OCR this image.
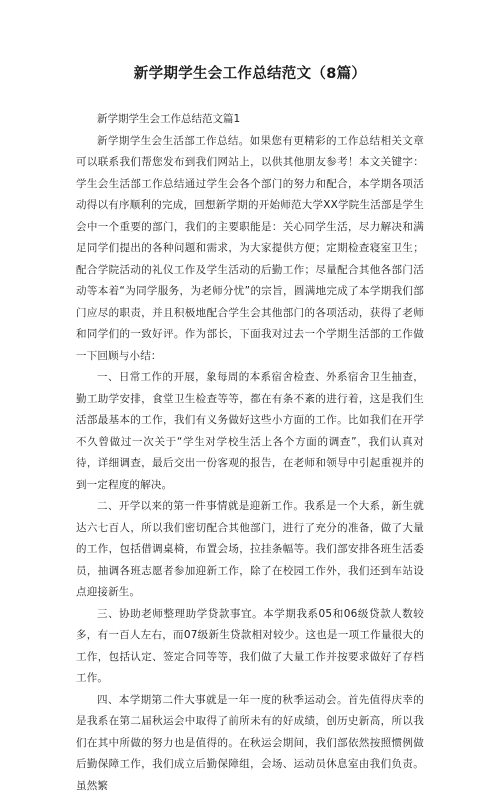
新学期学生会工作总结范文（8篇）
新学期学生会工作总结范文篇1

新学期学生会生活部工作总结。如果您有更精彩的工作总结相关文章可以联系我们帮您发布到我们网站上，以供其他朋友参考！本文关键字：学生会生活部工作总结通过学生会各个部门的努力和配合，本学期各项活动得以有序顺利的完成，回想新学期的开始师范大学XX学院生活部是学生会中一个重要的部门，我们的主要职能是：关心同学生活，尽力解决和满足同学们提出的各种问题和需求，为大家提供方便；定期检查寝室卫生；配合学院活动的礼仪工作及学生活动的后勤工作；尽量配合其他各部门活动等本着“为同学服务，为老师分忧”的宗旨，圆满地完成了本学期我们部门应尽的职责，并且积极地配合学生会其他部门的各项活动，获得了老师和同学们的一致好评。作为部长，下面我对过去一个学期生活部的工作做一下回顾与小结：

一、日常工作的开展，象每周的本系宿舍检查、外系宿舍卫生抽查，勤工助学安排，食堂卫生检查等等，都在有条不紊的进行着，这是我们生活部最基本的工作，我们有义务做好这些小方面的工作。比如我们在开学不久曾做过一次关于“学生对学校生活上各个方面的调查”，我们认真对待，详细调查，最后交出一份客观的报告，在老师和领导中引起重视并的到一定程度的解决。

二、开学以来的第一件事情就是迎新工作。我系是一个大系，新生就达六七百人，所以我们密切配合其他部门，进行了充分的准备，做了大量的工作，包括借调桌椅，布置会场，拉挂条幅等。我们部安排各班生活委员，抽调各班志愿者参加迎新工作，除了在校园工作外，我们还到车站设点迎接新生。

三、协助老师整理助学贷款事宜。本学期我系05和06级贷款人数较多，有一百人左右，而07级新生贷款相对较少。这也是一项工作量很大的工作，包括认定、签定合同等等，我们做了大量工作并按要求做好了存档工作。

四、本学期第二件大事就是一年一度的秋季运动会。首先值得庆幸的是我系在第二届秋运会中取得了前所未有的好成绩，创历史新高，所以我们在其中所做的努力也是值得的。在秋运会期间，我们部依然按照惯例做后勤保障工作，我们成立后勤保障组，会场、运动员休息室由我们负责。虽然繁
